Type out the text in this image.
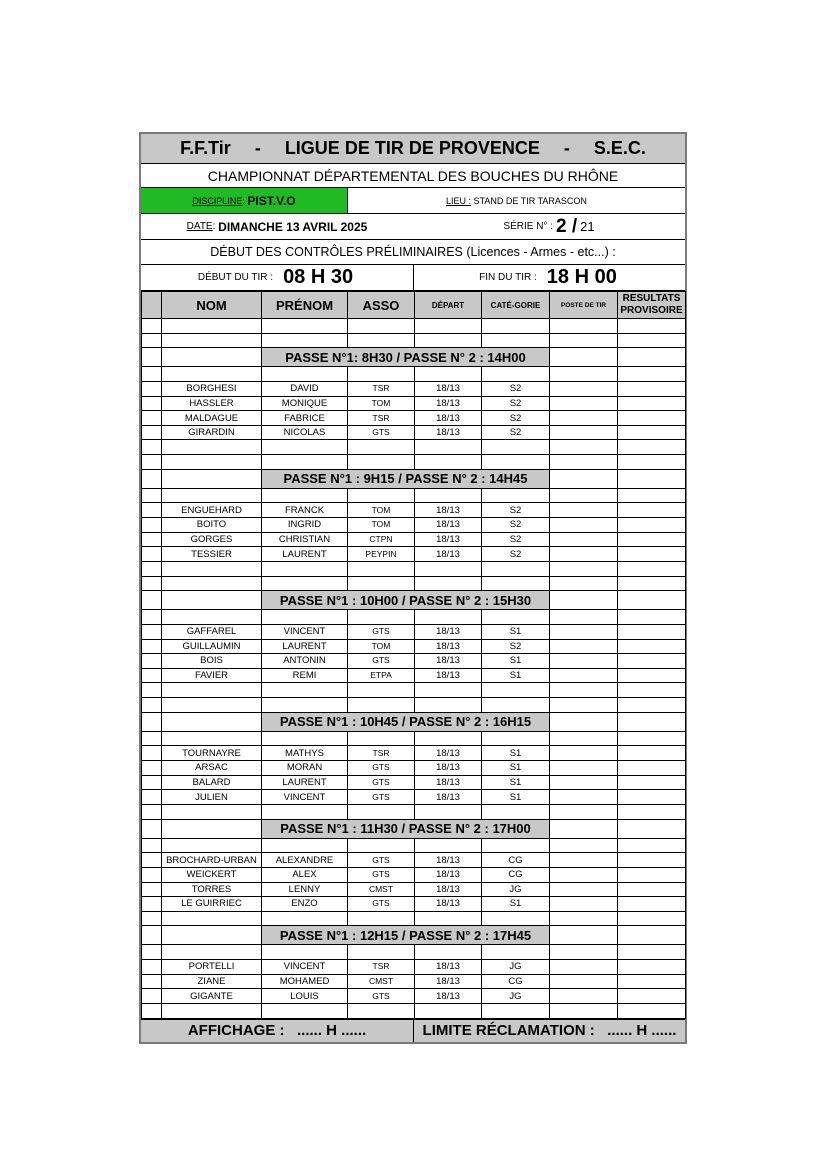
F.F.Tir - LIGUE DE TIR DE PROVENCE - S.E.C.
CHAMPIONNAT DÉPARTEMENTAL DES BOUCHES DU RHÔNE
DISCIPLINE : PIST.V.O	LIEU :
STAND DE TIR TARASCON
DATE : DIMANCHE 13 AVRIL 2025	SÉRIE N° : 2 / 21
DÉBUT DES CONTRÔLES PRÉLIMINAIRES (Licences - Armes - etc...) :
DÉBUT DU TIR : 08 H 30	FIN DU TIR : 18 H 00
	NOM	PRÉNOM	ASSO	DÉPART	CATÉ-GORIE	POSTE DE TIR	RESULTATS PROVISOIRE

		PASSE N°1: 8H30 / PASSE N° 2 : 14H00					

	BORGHESI	DAVID	TSR	18/13	S2		
	HASSLER	MONIQUE	TOM	18/13	S2		
	MALDAGUE	FABRICE	TSR	18/13	S2		
	GIRARDIN	NICOLAS	GTS	18/13	S2		

		PASSE N°1 : 9H15 / PASSE N° 2 : 14H45					

	ENGUEHARD	FRANCK	TOM	18/13	S2		
	BOITO	INGRID	TOM	18/13	S2		
	GORGES	CHRISTIAN	CTPN	18/13	S2		
	TESSIER	LAURENT	PEYPIN	18/13	S2		

		PASSE N°1 : 10H00 / PASSE N° 2 : 15H30					

	GAFFAREL	VINCENT	GTS	18/13	S1		
	GUILLAUMIN	LAURENT	TOM	18/13	S2		
	BOIS	ANTONIN	GTS	18/13	S1		
	FAVIER	REMI	ETPA	18/13	S1		

		PASSE N°1 : 10H45 / PASSE N° 2 : 16H15					

	TOURNAYRE	MATHYS	TSR	18/13	S1		
	ARSAC	MORAN	GTS	18/13	S1		
	BALARD	LAURENT	GTS	18/13	S1		
	JULIEN	VINCENT	GTS	18/13	S1		

		PASSE N°1 : 11H30 / PASSE N° 2 : 17H00					

	BROCHARD-URBAN	ALEXANDRE	GTS	18/13	CG		
	WEICKERT	ALEX	GTS	18/13	CG		
	TORRES	LENNY	CMST	18/13	JG		
	LE GUIRRIEC	ENZO	GTS	18/13	S1		

		PASSE N°1 : 12H15 / PASSE N° 2 : 17H45					

	PORTELLI	VINCENT	TSR	18/13	JG		
	ZIANE	MOHAMED	CMST	18/13	CG		
	GIGANTE	LOUIS	GTS	18/13	JG		

AFFICHAGE :   ...... H ......	LIMITE RÉCLAMATION :   ...... H ......
